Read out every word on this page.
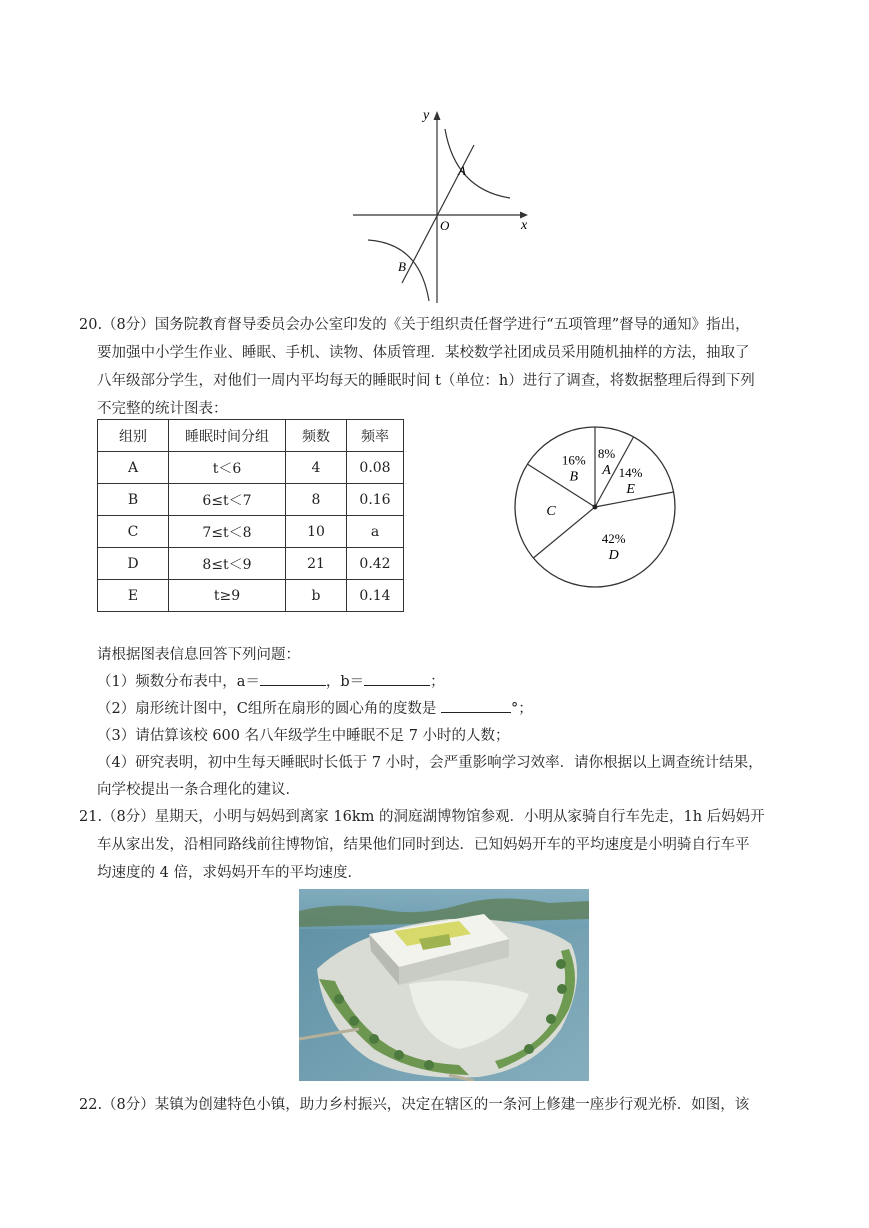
y
x
O
A
B
20.（8分）国务院教育督导委员会办公室印发的《关于组织责任督学进行“五项管理”督导的通知》指出，
要加强中小学生作业、睡眠、手机、读物、体质管理．某校数学社团成员采用随机抽样的方法，抽取了
八年级部分学生，对他们一周内平均每天的睡眠时间 t（单位：h）进行了调查，将数据整理后得到下列
不完整的统计图表：
组别	睡眠时间分组	频数	频率
A	t＜6	4	0.08
B	6≤t＜7	8	0.16
C	7≤t＜8	10	a
D	8≤t＜9	21	0.42
E	t≥9	b	0.14
8%
A 14%
E
42%
D
C
16%
B
请根据图表信息回答下列问题：
（1）频数分布表中，a＝	，b＝	；
（2）扇形统计图中，C组所在扇形的圆心角的度数是	°；
（3）请估算该校 600 名八年级学生中睡眠不足 7 小时的人数；
（4）研究表明，初中生每天睡眠时长低于 7 小时，会严重影响学习效率．请你根据以上调查统计结果，
向学校提出一条合理化的建议．
21.（8分）星期天，小明与妈妈到离家 16km 的洞庭湖博物馆参观．小明从家骑自行车先走，1h 后妈妈开
车从家出发，沿相同路线前往博物馆，结果他们同时到达．已知妈妈开车的平均速度是小明骑自行车平
均速度的 4 倍，求妈妈开车的平均速度．
22.（8分）某镇为创建特色小镇，助力乡村振兴，决定在辖区的一条河上修建一座步行观光桥．如图，该
